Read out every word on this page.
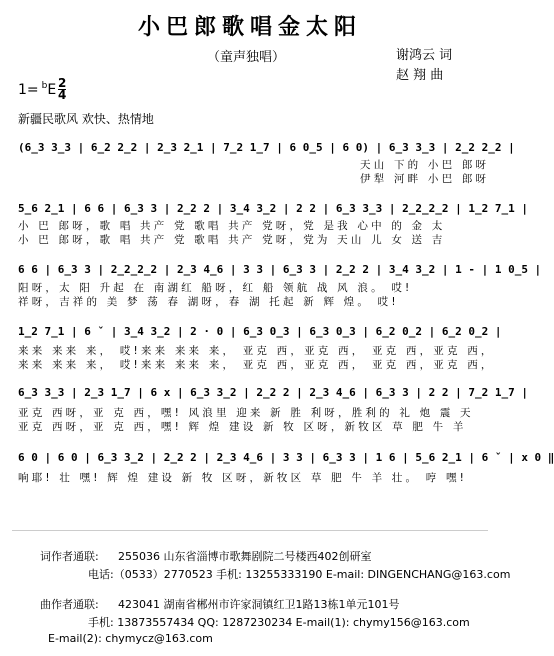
小巴郎歌唱金太阳
（童声独唱）	谢鸿云 词
赵 翔 曲
1= $^b$E 2
4
新疆民歌风 欢快、热情地
(6̲3 3̲3 | 6̲2 2̲2 | 2̲3 2̲1 | 7̲2 1̲7 | 6 0̲5 | 6 0) | 6̲3 3̲3 | 2̲2 2̲2 |
天山 下的 小巴 郎呀
伊犁 河畔 小巴 郎呀
5̲6 2̲1 | 6 6 | 6̲3 3 | 2̲2 2 | 3̲4 3̲2 | 2 2 | 6̲3 3̲3 | 2̲2̲2̲2 | 1̲2 7̲1 |
小 巴 郎呀，歌 唱 共产 党 歌唱 共产 党呀，党 是我 心中 的 金 太
小 巴 郎呀，歌 唱 共产 党 歌唱 共产 党呀，党为 天山 儿 女 送 吉
6 6 | 6̲3 3 | 2̲2̲2̲2 | 2̲3 4̲6 | 3 3 | 6̲3 3 | 2̲2 2 | 3̲4 3̲2 | 1 - | 1 0̲5 |
阳呀，太 阳 升起 在 南湖红 船呀，红 船 领航 战 风 浪。 哎!
祥呀，吉祥的 美 梦 荡 春 湖呀，春 湖 托起 新 辉 煌。 哎!
1̲2 7̲1 | 6 ˇ | 3̲4 3̲2 | 2 · 0 | 6̲3 0̲3 | 6̲3 0̲3 | 6̲2 0̲2 | 6̲2 0̲2 |
来来 来来 来， 哎!来来 来来 来， 亚克 西，亚克 西， 亚克 西，亚克 西，
来来 来来 来， 哎!来来 来来 来， 亚克 西，亚克 西， 亚克 西，亚克 西，
6̲3 3̲3 | 2̲3 1̲7 | 6 x | 6̲3 3̲2 | 2̲2 2 | 2̲3 4̲6 | 6̲3 3 | 2 2 | 7̲2 1̲7 |
亚克 西呀，亚 克 西，嘿! 风浪里 迎来 新 胜 利呀，胜利的 礼 炮 震 天
亚克 西呀，亚 克 西，嘿! 辉 煌 建设 新 牧 区呀，新牧区 草 肥 牛 羊
6 0 | 6 0 | 6̲3 3̲2 | 2̲2 2 | 2̲3 4̲6 | 3 3 | 6̲3 3 | 1 6 | 5̲6 2̲1 | 6 ˇ | x 0 ‖
响耶! 壮 嘿! 辉 煌 建设 新 牧 区呀，新牧区 草 肥 牛 羊 壮。 哼 嘿!
词作者通联: 255036 山东省淄博市歌舞剧院二号楼西402创研室
电话:（0533）2770523 手机: 13255333190 E-mail: DINGENCHANG@163.com
曲作者通联: 423041 湖南省郴州市许家洞镇红卫1路13栋1单元101号
手机: 13873557434 QQ: 1287230234 E-mail(1): chymy156@163.com
E-mail(2): chymycz@163.com
